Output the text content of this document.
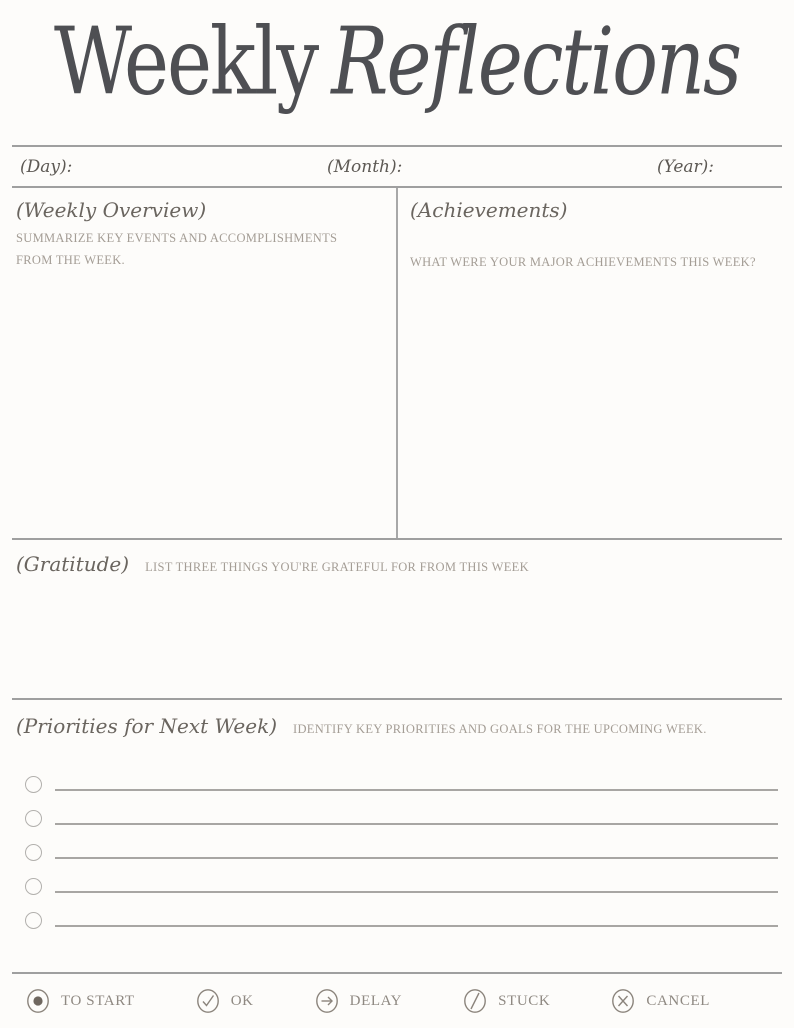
Weekly Reflections
(Day):	(Month):	(Year):
(Weekly Overview)
SUMMARIZE KEY EVENTS AND ACCOMPLISHMENTS FROM THE WEEK.
(Achievements)
WHAT WERE YOUR MAJOR ACHIEVEMENTS THIS WEEK?
(Gratitude) LIST THREE THINGS YOU'RE GRATEFUL FOR FROM THIS WEEK
(Priorities for Next Week) IDENTIFY KEY PRIORITIES AND GOALS FOR THE UPCOMING WEEK.
TO START	OK	DELAY	STUCK	CANCEL
